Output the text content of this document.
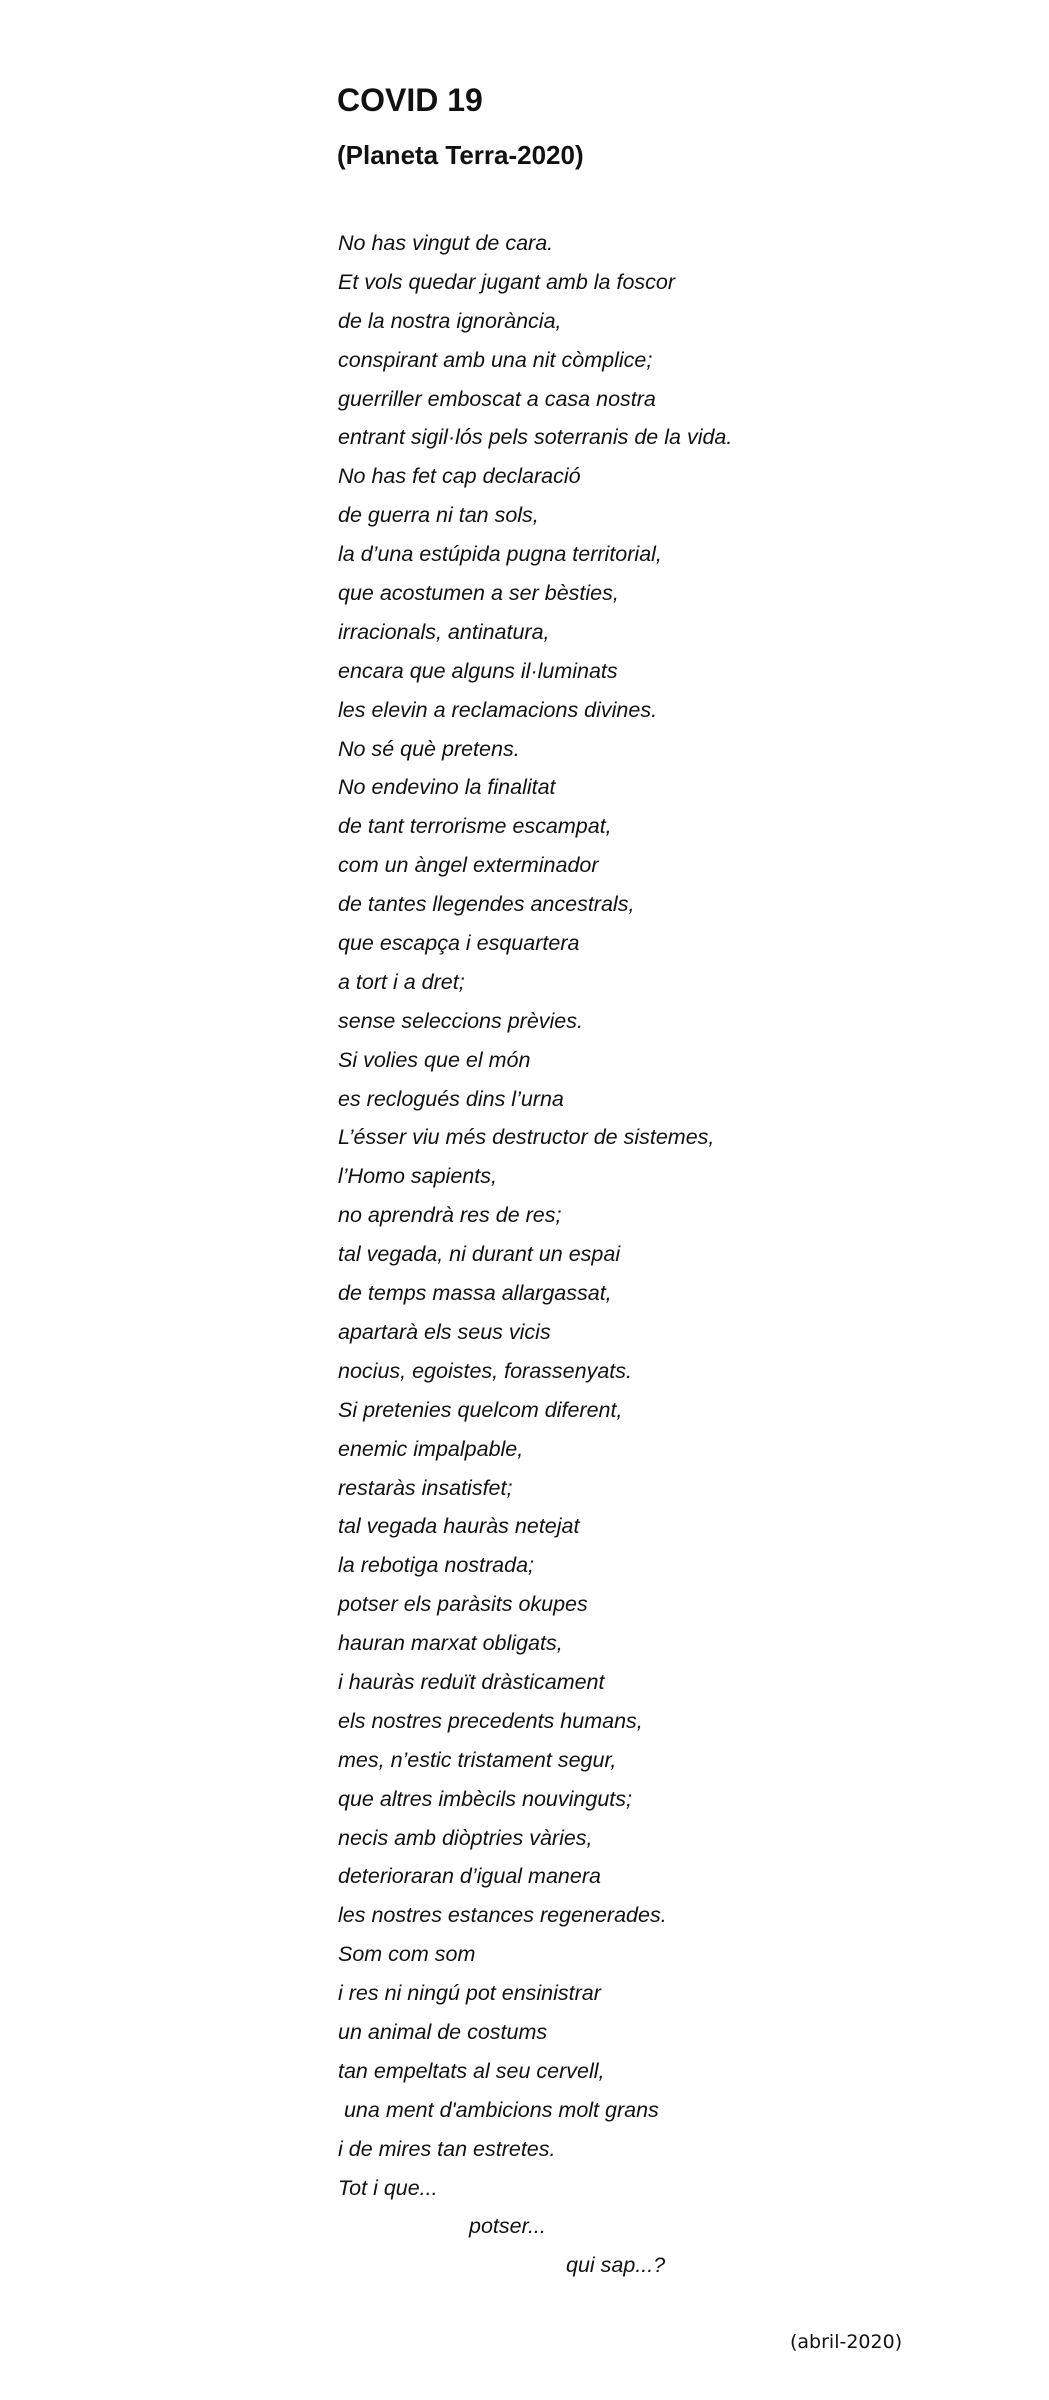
COVID 19
(Planeta Terra-2020)
No has vingut de cara.
Et vols quedar jugant amb la foscor
de la nostra ignorància,
conspirant amb una nit còmplice;
guerriller emboscat a casa nostra
entrant sigil·lós pels soterranis de la vida.
No has fet cap declaració
de guerra ni tan sols,
la d’una estúpida pugna territorial,
que acostumen a ser bèsties,
irracionals, antinatura,
encara que alguns il·luminats
les elevin a reclamacions divines.
No sé què pretens.
No endevino la finalitat
de tant terrorisme escampat,
com un àngel exterminador
de tantes llegendes ancestrals,
que escapça i esquartera
a tort i a dret;
sense seleccions prèvies.
Si volies que el món
es reclogués dins l’urna
L’ésser viu més destructor de sistemes,
l’Homo sapients,
no aprendrà res de res;
tal vegada, ni durant un espai
de temps massa allargassat,
apartarà els seus vicis
nocius, egoistes, forassenyats.
Si pretenies quelcom diferent,
enemic impalpable,
restaràs insatisfet;
tal vegada hauràs netejat
la rebotiga nostrada;
potser els paràsits okupes
hauran marxat obligats,
i hauràs reduït dràsticament
els nostres precedents humans,
mes, n’estic tristament segur,
que altres imbècils nouvinguts;
necis amb diòptries vàries,
deterioraran d’igual manera
les nostres estances regenerades.
Som com som
i res ni ningú pot ensinistrar
un animal de costums
tan empeltats al seu cervell,
una ment d'ambicions molt grans
i de mires tan estretes.
Tot i que...
potser...
qui sap...?

(abril-2020)
